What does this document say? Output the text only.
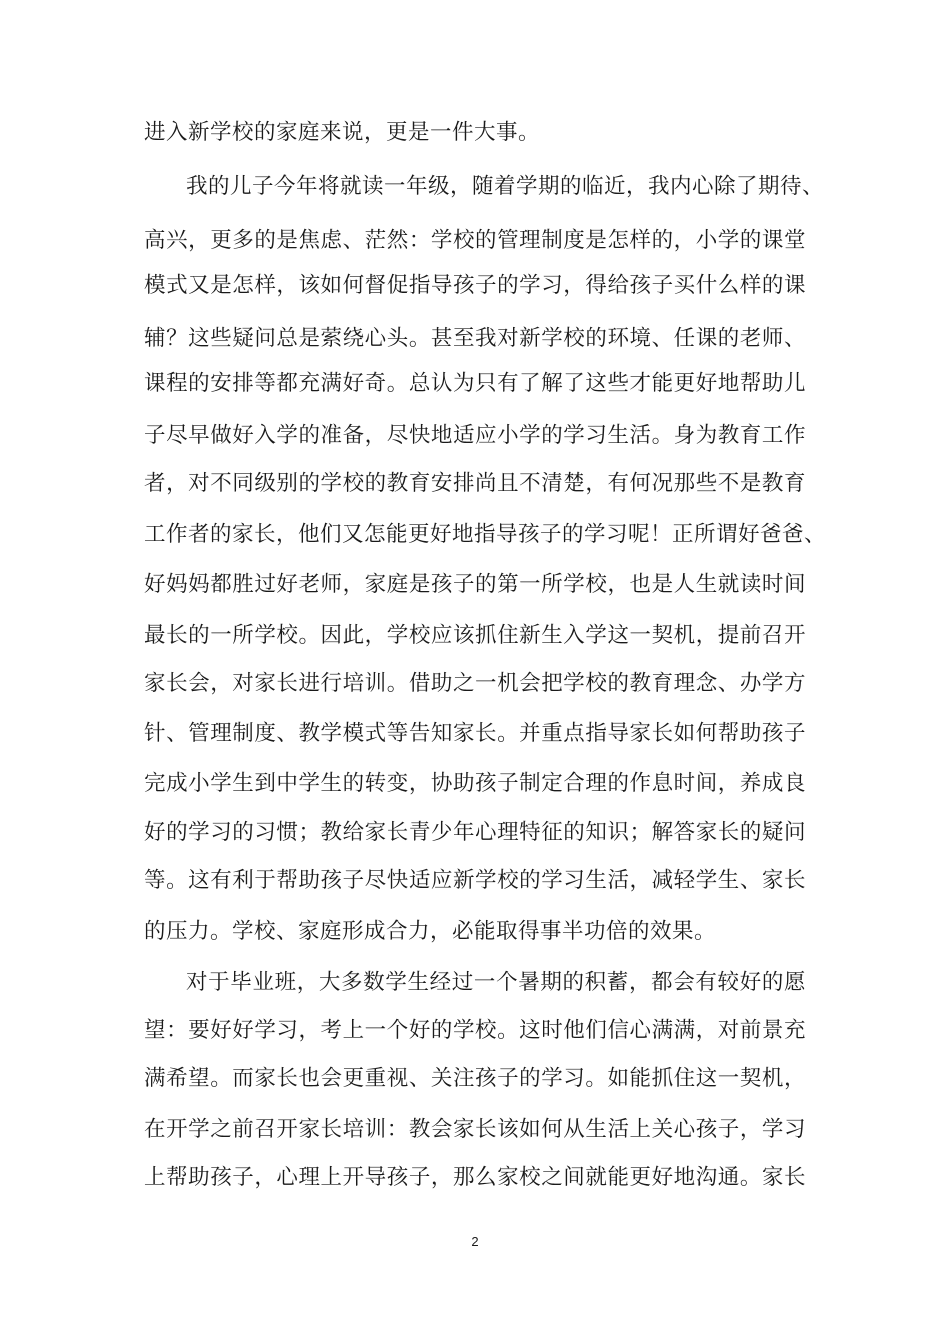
进入新学校的家庭来说，更是一件大事。
我的儿子今年将就读一年级，随着学期的临近，我内心除了期待、
高兴，更多的是焦虑、茫然：学校的管理制度是怎样的，小学的课堂
模式又是怎样，该如何督促指导孩子的学习，得给孩子买什么样的课
辅？这些疑问总是萦绕心头。甚至我对新学校的环境、任课的老师、
课程的安排等都充满好奇。总认为只有了解了这些才能更好地帮助儿
子尽早做好入学的准备，尽快地适应小学的学习生活。身为教育工作
者，对不同级别的学校的教育安排尚且不清楚，有何况那些不是教育
工作者的家长，他们又怎能更好地指导孩子的学习呢！正所谓好爸爸、
好妈妈都胜过好老师，家庭是孩子的第一所学校，也是人生就读时间
最长的一所学校。因此，学校应该抓住新生入学这一契机，提前召开
家长会，对家长进行培训。借助之一机会把学校的教育理念、办学方
针、管理制度、教学模式等告知家长。并重点指导家长如何帮助孩子
完成小学生到中学生的转变，协助孩子制定合理的作息时间，养成良
好的学习的习惯；教给家长青少年心理特征的知识；解答家长的疑问
等。这有利于帮助孩子尽快适应新学校的学习生活，减轻学生、家长
的压力。学校、家庭形成合力，必能取得事半功倍的效果。
对于毕业班，大多数学生经过一个暑期的积蓄，都会有较好的愿
望：要好好学习，考上一个好的学校。这时他们信心满满，对前景充
满希望。而家长也会更重视、关注孩子的学习。如能抓住这一契机，
在开学之前召开家长培训：教会家长该如何从生活上关心孩子，学习
上帮助孩子，心理上开导孩子，那么家校之间就能更好地沟通。家长
2
